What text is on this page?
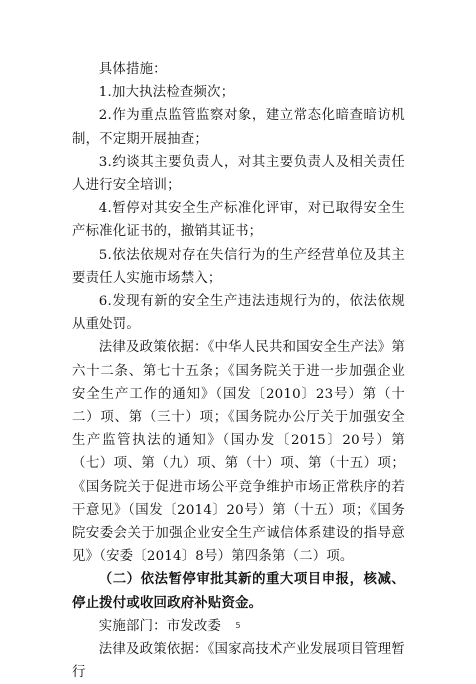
具体措施：

1.加大执法检查频次；

2.作为重点监管监察对象，建立常态化暗查暗访机制，不定期开展抽查；

3.约谈其主要负责人，对其主要负责人及相关责任人进行安全培训；

4.暂停对其安全生产标准化评审，对已取得安全生产标准化证书的，撤销其证书；

5.依法依规对存在失信行为的生产经营单位及其主要责任人实施市场禁入；

6.发现有新的安全生产违法违规行为的，依法依规从重处罚。

法律及政策依据：《中华人民共和国安全生产法》第六十二条、第七十五条；《国务院关于进一步加强企业安全生产工作的通知》（国发〔2010〕23号）第（十二）项、第（三十）项；《国务院办公厅关于加强安全生产监管执法的通知》（国办发〔2015〕20号）第（七）项、第（九）项、第（十）项、第（十五）项；《国务院关于促进市场公平竞争维护市场正常秩序的若干意见》（国发〔2014〕20号）第（十五）项；《国务院安委会关于加强企业安全生产诚信体系建设的指导意见》（安委〔2014〕8号）第四条第（二）项。

（二）依法暂停审批其新的重大项目申报，核减、停止拨付或收回政府补贴资金。

实施部门：市发改委

法律及政策依据：《国家高技术产业发展项目管理暂行

5
